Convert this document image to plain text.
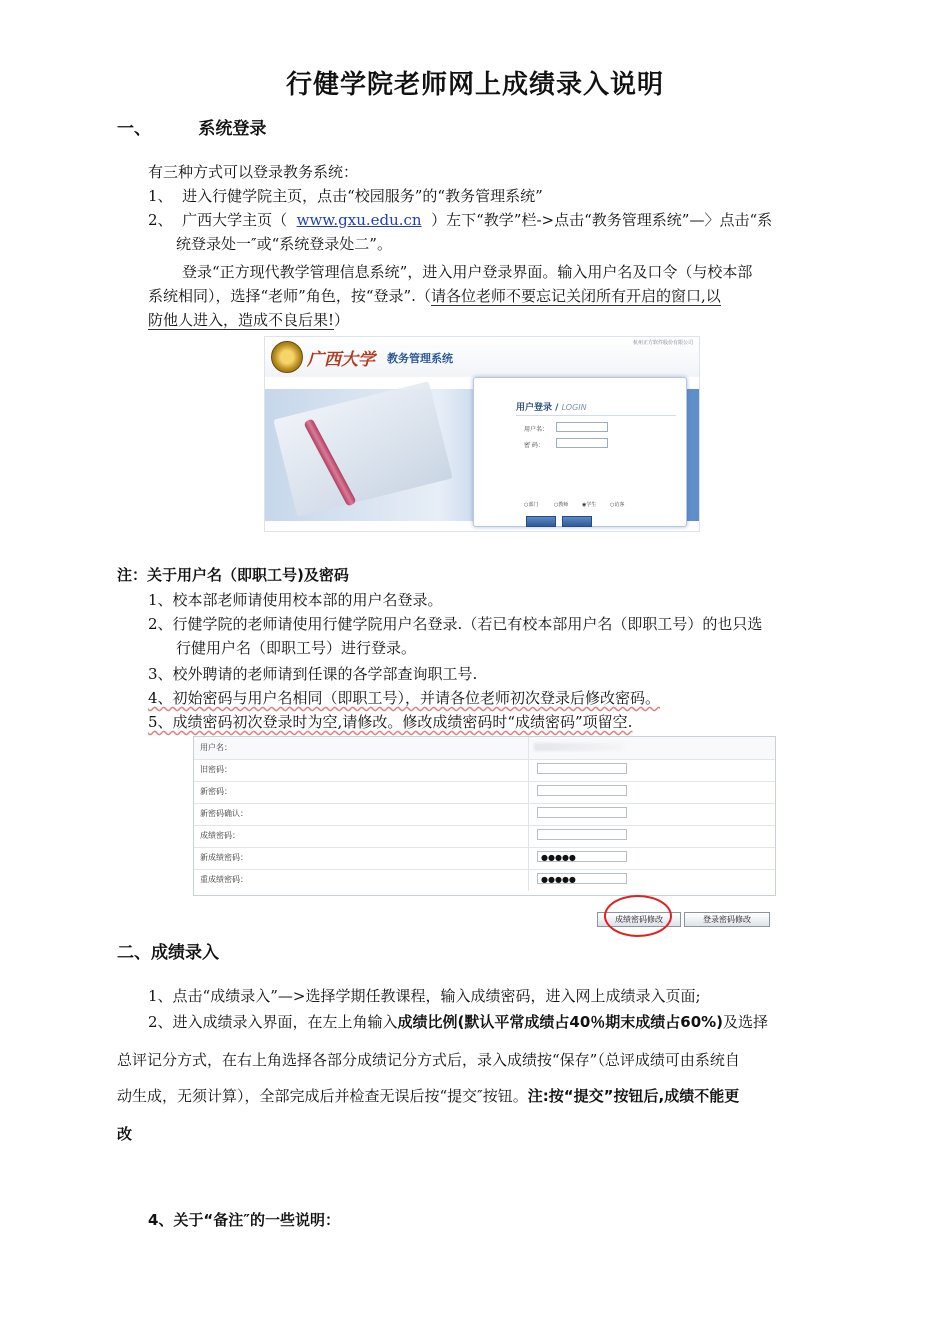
行健学院老师网上成绩录入说明
一、        系统登录
有三种方式可以登录教务系统：
1、  进入行健学院主页，点击“校园服务”的“教务管理系统”
2、  广西大学主页（  www.gxu.edu.cn  ）左下“教学”栏->点击“教务管理系统”—〉点击“系
统登录处一″或“系统登录处二”。
登录“正方现代教学管理信息系统”，进入用户登录界面。输入用户名及口令（与校本部
系统相同），选择“老师”角色，按“登录”.（请各位老师不要忘记关闭所有开启的窗口,以
防他人进入，造成不良后果!）
广西大学 教务管理系统
杭州正方软件股份有限公司
用户登录 / LOGIN
用户名：
密 码：
○部门	○教师	◉学生	○访客
注：关于用户名（即职工号)及密码
1、校本部老师请使用校本部的用户名登录。
2、行健学院的老师请使用行健学院用户名登录.（若已有校本部用户名（即职工号）的也只选
行健用户名（即职工号）进行登录。
3、校外聘请的老师请到任课的各学部查询职工号.
4、初始密码与用户名相同（即职工号），并请各位老师初次登录后修改密码。
5、成绩密码初次登录时为空,请修改。修改成绩密码时“成绩密码”项留空.
用户名：
旧密码：
新密码：
新密码确认：
成绩密码：
新成绩密码：	●●●●●
重成绩密码：	●●●●●
成绩密码修改	登录密码修改
二、成绩录入
1、点击“成绩录入”—>选择学期任教课程，输入成绩密码，进入网上成绩录入页面;
2、进入成绩录入界面，在左上角输入成绩比例(默认平常成绩占40％期末成绩占60%)及选择
总评记分方式，在右上角选择各部分成绩记分方式后，录入成绩按“保存”（总评成绩可由系统自
动生成，无须计算），全部完成后并检查无误后按“提交″按钮。注:按“提交”按钮后,成绩不能更
改
4、关于“备注″的一些说明：
